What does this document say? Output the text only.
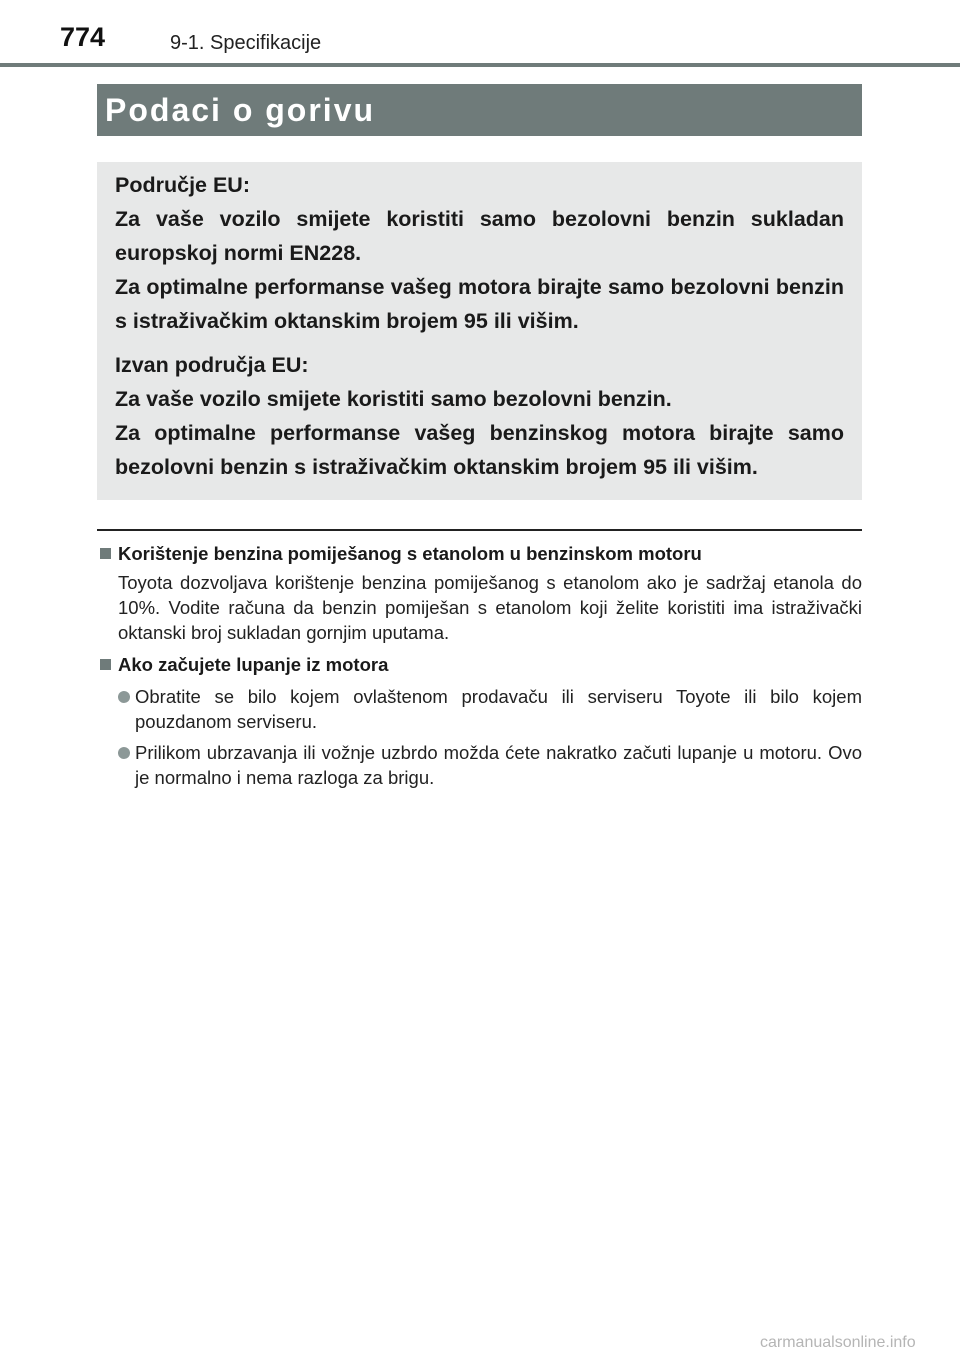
774	9-1. Specifikacije
Podaci o gorivu

Područje EU:

Za vaše vozilo smijete koristiti samo bezolovni benzin sukladan europskoj normi EN228.

Za optimalne performanse vašeg motora birajte samo bezolovni benzin s istraživačkim oktanskim brojem 95 ili višim.

Izvan područja EU:

Za vaše vozilo smijete koristiti samo bezolovni benzin.

Za optimalne performanse vašeg benzinskog motora birajte samo bezolovni benzin s istraživačkim oktanskim brojem 95 ili višim.

Korištenje benzina pomiješanog s etanolom u benzinskom motoru
Toyota dozvoljava korištenje benzina pomiješanog s etanolom ako je sadržaj etanola do 10%. Vodite računa da benzin pomiješan s etanolom koji želite koristiti ima istraživački oktanski broj sukladan gornjim uputama.
Ako začujete lupanje iz motora
Obratite se bilo kojem ovlaštenom prodavaču ili serviseru Toyote ili bilo kojem pouzdanom serviseru.
Prilikom ubrzavanja ili vožnje uzbrdo možda ćete nakratko začuti lupanje u motoru. Ovo je normalno i nema razloga za brigu.
carmanualsonline.info
